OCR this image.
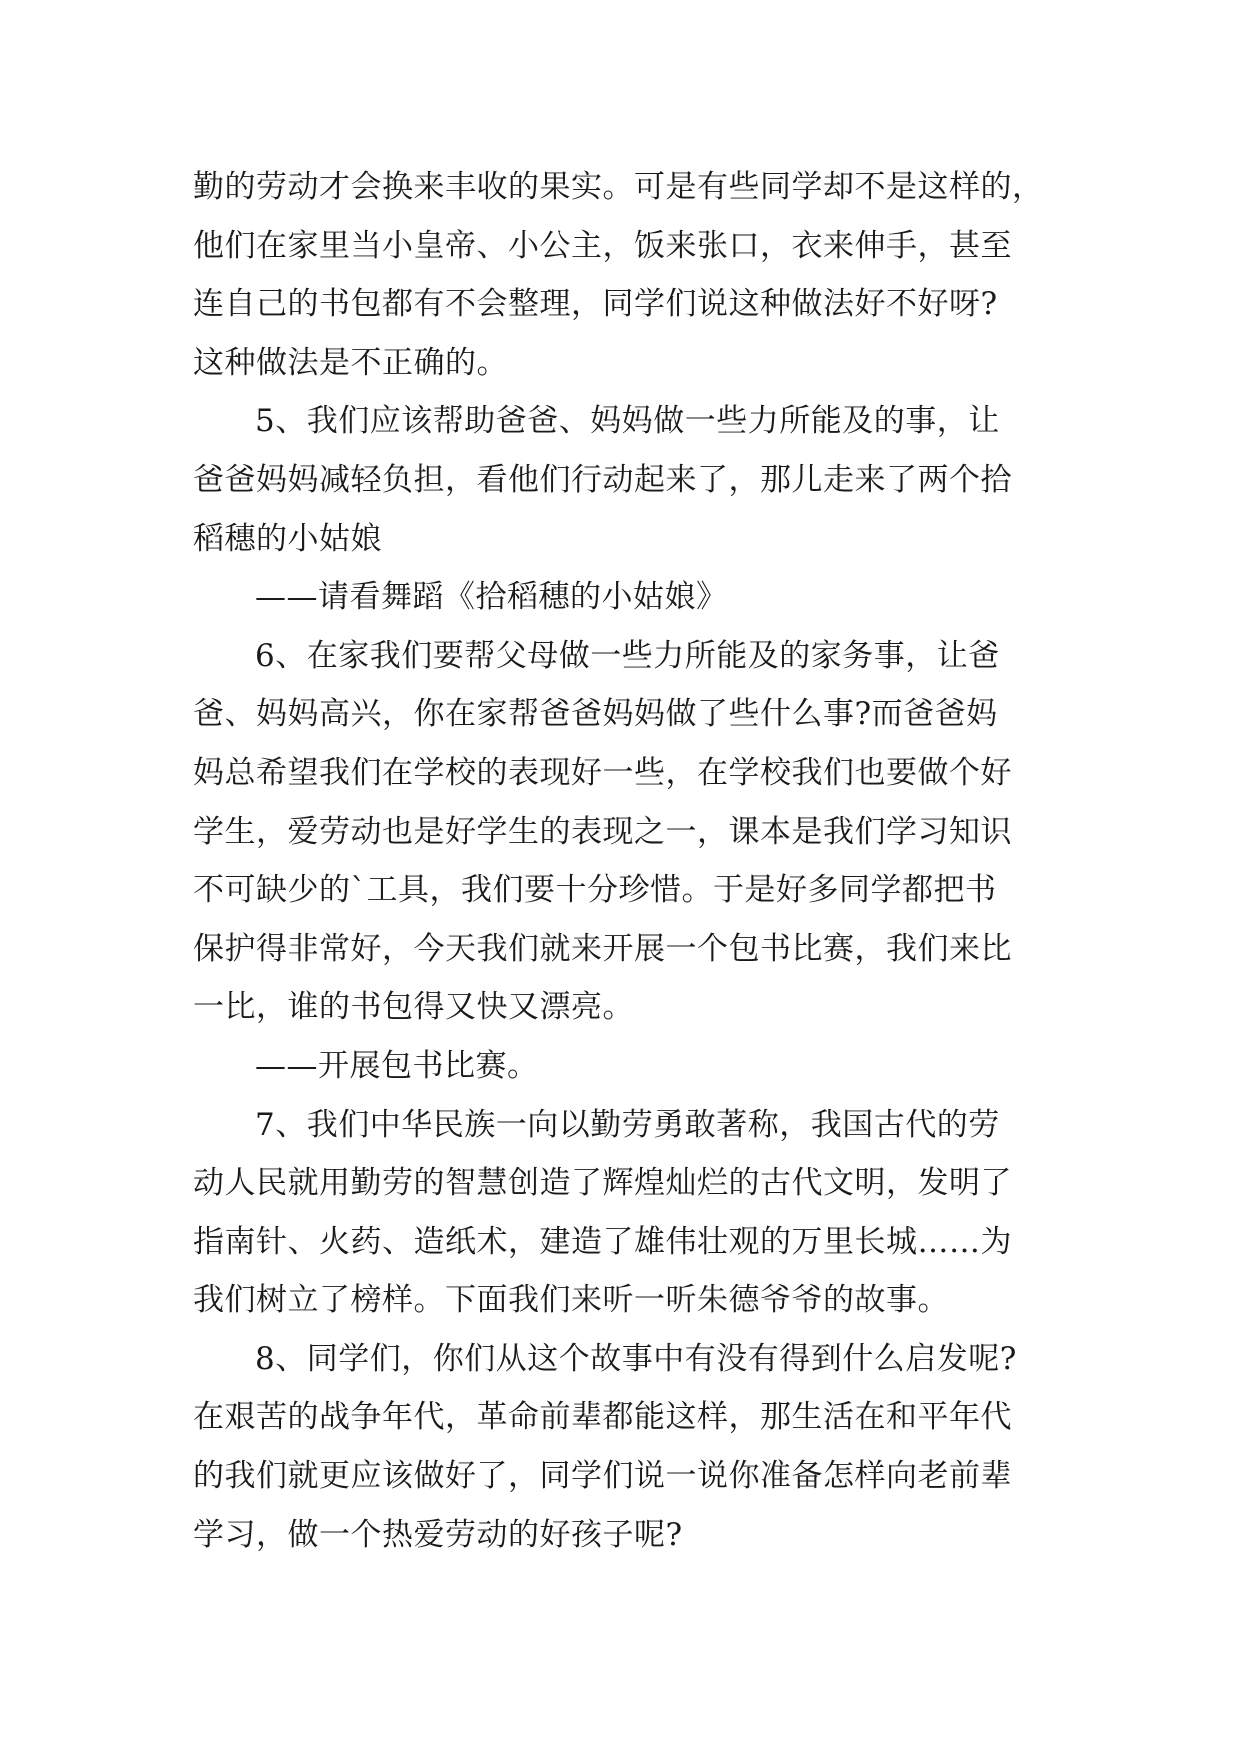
勤的劳动才会换来丰收的果实。可是有些同学却不是这样的，
他们在家里当小皇帝、小公主，饭来张口，衣来伸手，甚至
连自己的书包都有不会整理，同学们说这种做法好不好呀?
这种做法是不正确的。
5、我们应该帮助爸爸、妈妈做一些力所能及的事，让
爸爸妈妈减轻负担，看他们行动起来了，那儿走来了两个拾
稻穗的小姑娘
——请看舞蹈《拾稻穗的小姑娘》
6、在家我们要帮父母做一些力所能及的家务事，让爸
爸、妈妈高兴，你在家帮爸爸妈妈做了些什么事?而爸爸妈
妈总希望我们在学校的表现好一些，在学校我们也要做个好
学生，爱劳动也是好学生的表现之一，课本是我们学习知识
不可缺少的`工具，我们要十分珍惜。于是好多同学都把书
保护得非常好，今天我们就来开展一个包书比赛，我们来比
一比，谁的书包得又快又漂亮。
——开展包书比赛。
7、我们中华民族一向以勤劳勇敢著称，我国古代的劳
动人民就用勤劳的智慧创造了辉煌灿烂的古代文明，发明了
指南针、火药、造纸术，建造了雄伟壮观的万里长城……为
我们树立了榜样。下面我们来听一听朱德爷爷的故事。
8、同学们，你们从这个故事中有没有得到什么启发呢?
在艰苦的战争年代，革命前辈都能这样，那生活在和平年代
的我们就更应该做好了，同学们说一说你准备怎样向老前辈
学习，做一个热爱劳动的好孩子呢?
